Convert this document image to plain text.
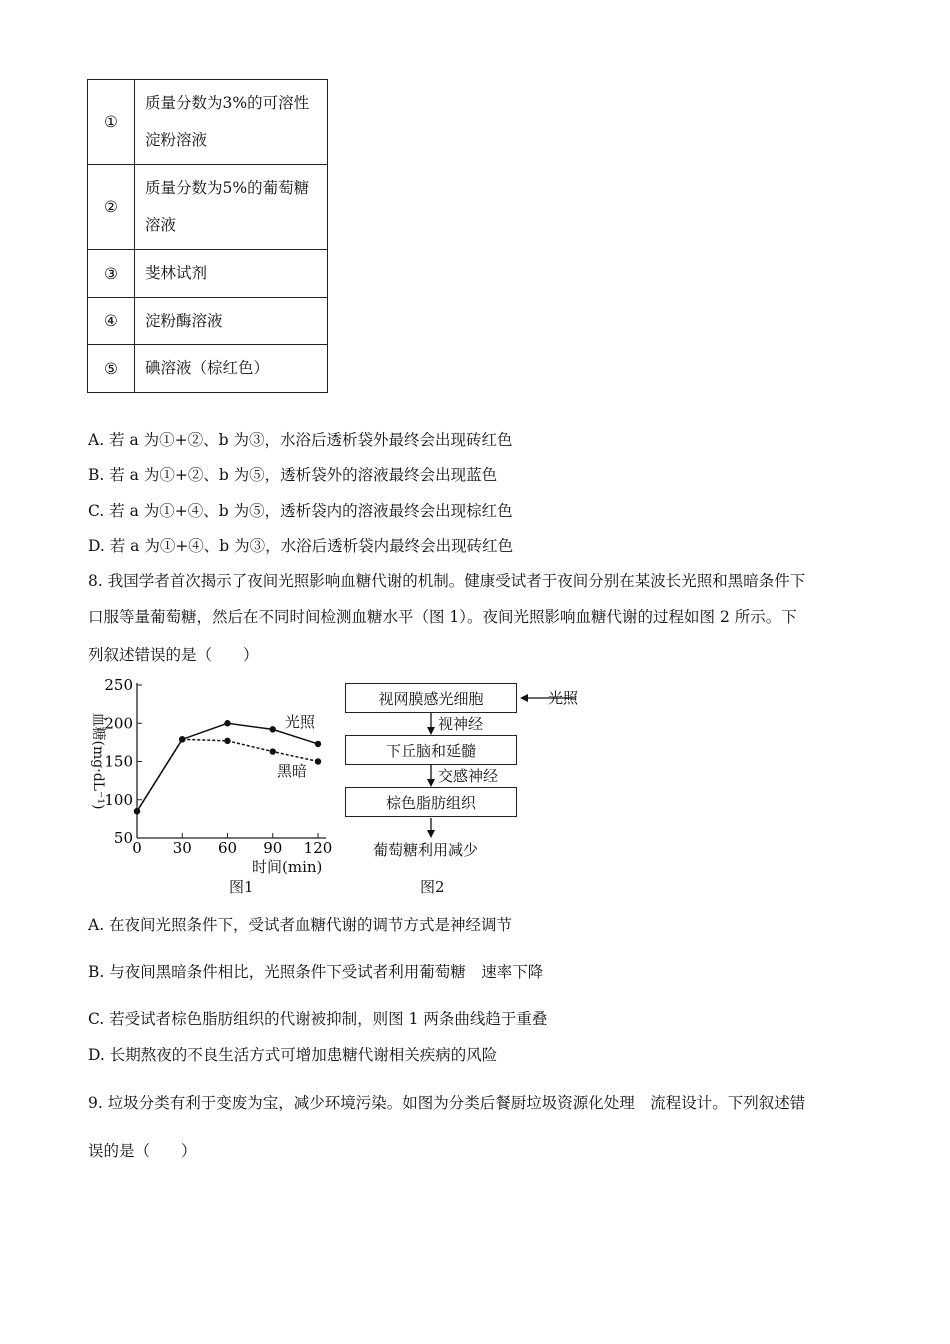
①	质量分数为3%的可溶性淀粉溶液
②	质量分数为5%的葡萄糖溶液
③	斐林试剂
④	淀粉酶溶液
⑤	碘溶液（棕红色）
A. 若 a 为①+②、b 为③，水浴后透析袋外最终会出现砖红色
B. 若 a 为①+②、b 为⑤，透析袋外的溶液最终会出现蓝色
C. 若 a 为①+④、b 为⑤，透析袋内的溶液最终会出现棕红色
D. 若 a 为①+④、b 为③，水浴后透析袋内最终会出现砖红色
8. 我国学者首次揭示了夜间光照影响血糖代谢的机制。健康受试者于夜间分别在某波长光照和黑暗条件下
口服等量葡萄糖，然后在不同时间检测血糖水平（图 1）。夜间光照影响血糖代谢的过程如图 2 所示。下
列叙述错误的是（　　）
50
100
150
200
250
0 30 60 90 120
时间(min)
图1
血糖(mg·dL⁻¹)	光照
黑暗
视网膜感光细胞
下丘脑和延髓
棕色脂肪组织
光照
视神经
交感神经
葡萄糖利用减少
图2
A. 在夜间光照条件下，受试者血糖代谢的调节方式是神经调节
B. 与夜间黑暗条件相比，光照条件下受试者利用葡萄糖　速率下降
C. 若受试者棕色脂肪组织的代谢被抑制，则图 1 两条曲线趋于重叠
D. 长期熬夜的不良生活方式可增加患糖代谢相关疾病的风险
9. 垃圾分类有利于变废为宝，减少环境污染。如图为分类后餐厨垃圾资源化处理　流程设计。下列叙述错
误的是（　　）
